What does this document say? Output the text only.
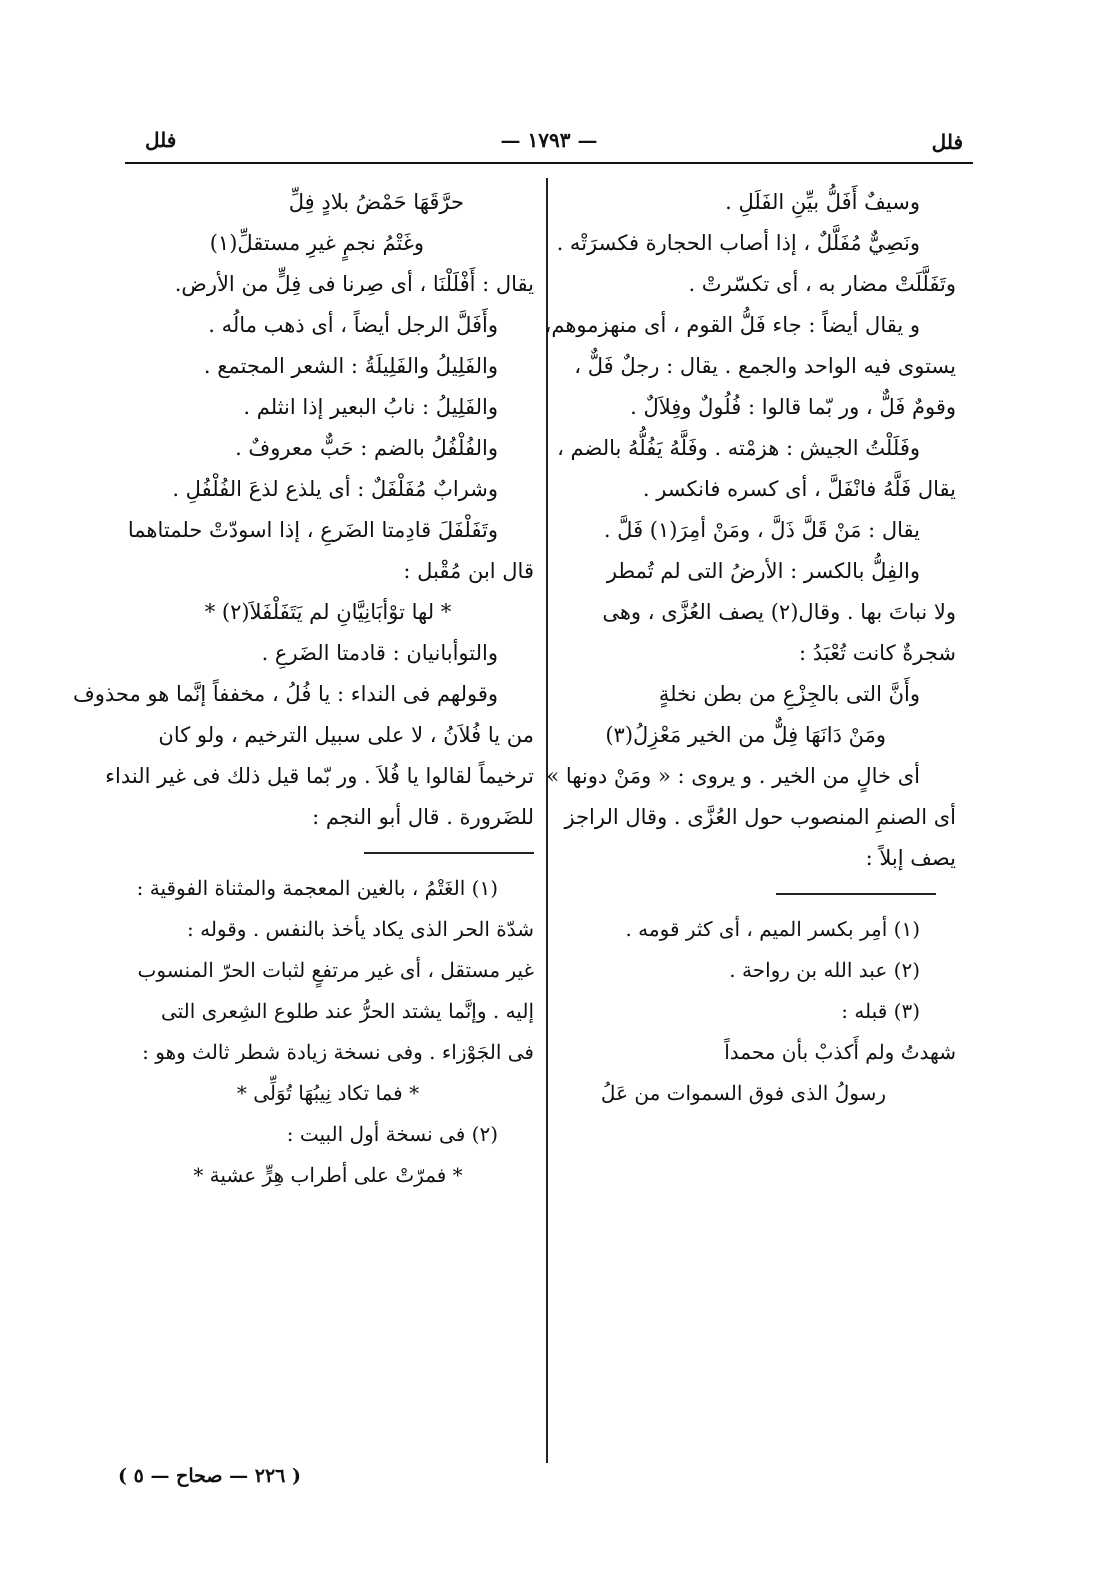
فلل
— ١٧٩٣ —
فلل
وسيفٌ أَفَلُّ بيِّنِ الفَلَلِ .
ونَصِيٌّ مُفَلَّلٌ ، إذا أصاب الحجارة فكسرَتْه .
وتَفَلَّلَتْ مضار به ، أى تكسّرتْ .
و يقال أيضاً : جاء فَلُّ القوم ، أى منهزموهم،
يستوى فيه الواحد والجمع . يقال : رجلٌ فَلٌّ ،
وقومٌ فَلٌّ ، ور بّما قالوا : فُلُولٌ وفِلاَلٌ .
وفَلَلْتُ الجيش : هزمْته . وفَلَّهُ يَفُلُّهُ بالضم ،
يقال فَلَّهُ فانْفَلَّ ، أى كسره فانكسر .
يقال : مَنْ قَلَّ ذَلَّ ، ومَنْ أمِرَ(١) فَلَّ .
والفِلُّ بالكسر : الأرضُ التى لم تُمطر
ولا نباتَ بها . وقال(٢) يصف العُزَّى ، وهى
شجرةٌ كانت تُعْبَدُ :
وأَنَّ التى بالجِزْعِ من بطن نخلةٍ
ومَنْ دَانَهَا فِلٌّ من الخير مَعْزِلُ(٣)
أى خالٍ من الخير . و يروى : « ومَنْ دونها »
أى الصنمِ المنصوب حول العُزَّى . وقال الراجز
يصف إبلاً :
(١) أمِر بكسر الميم ، أى كثر قومه .
(٢) عبد الله بن رواحة .
(٣) قبله :
شهدتُ ولم أَكذبْ بأن محمداً
رسولُ الذى فوق السموات من عَلُ
حرَّقَهَا حَمْضُ بلادٍ فِلِّ
وغَتْمُ نجمٍ غيرِ مستقلِّ(١)
يقال : أَفْلَلْنَا ، أى صِرنا فى فِلٍّ من الأرض.
وأَفَلَّ الرجل أيضاً ، أى ذهب مالُه .
والفَلِيلُ والفَلِيلَةُ : الشعر المجتمع .
والفَلِيلُ : نابُ البعير إذا انثلم .
والفُلْفُلُ بالضم : حَبٌّ معروفٌ .
وشرابٌ مُفَلْفَلٌ : أى يلذع لذعَ الفُلْفُلِ .
وتَفَلْفَلَ قادِمتا الضَرعِ ، إذا اسودّتْ حلمتاهما
قال ابن مُقْبل :
* لها توْأبَانِيَّانِ لم يَتَفَلْفَلاَ(٢) *
والتوأبانيان : قادمتا الضَرعِ .
وقولهم فى النداء : يا فُلُ ، مخففاً إنَّما هو محذوف
من يا فُلاَنُ ، لا على سبيل الترخيم ، ولو كان
ترخيماً لقالوا يا فُلاَ . ور بّما قيل ذلك فى غير النداء
للضَرورة . قال أبو النجم :
(١) الغَتْمُ ، بالغين المعجمة والمثناة الفوقية :
شدّة الحر الذى يكاد يأخذ بالنفس . وقوله :
غير مستقل ، أى غير مرتفعٍ لثبات الحرّ المنسوب
إليه . وإنَّما يشتد الحرُّ عند طلوع الشِعرى التى
فى الجَوْزاء . وفى نسخة زيادة شطر ثالث وهو :
* فما تكاد نِيبُهَا تُوَلِّى *
(٢) فى نسخة أول البيت :
* فمرّتْ على أطراب هِرٍّ عشية *
( ٢٢٦ — صحاح — ٥ )
